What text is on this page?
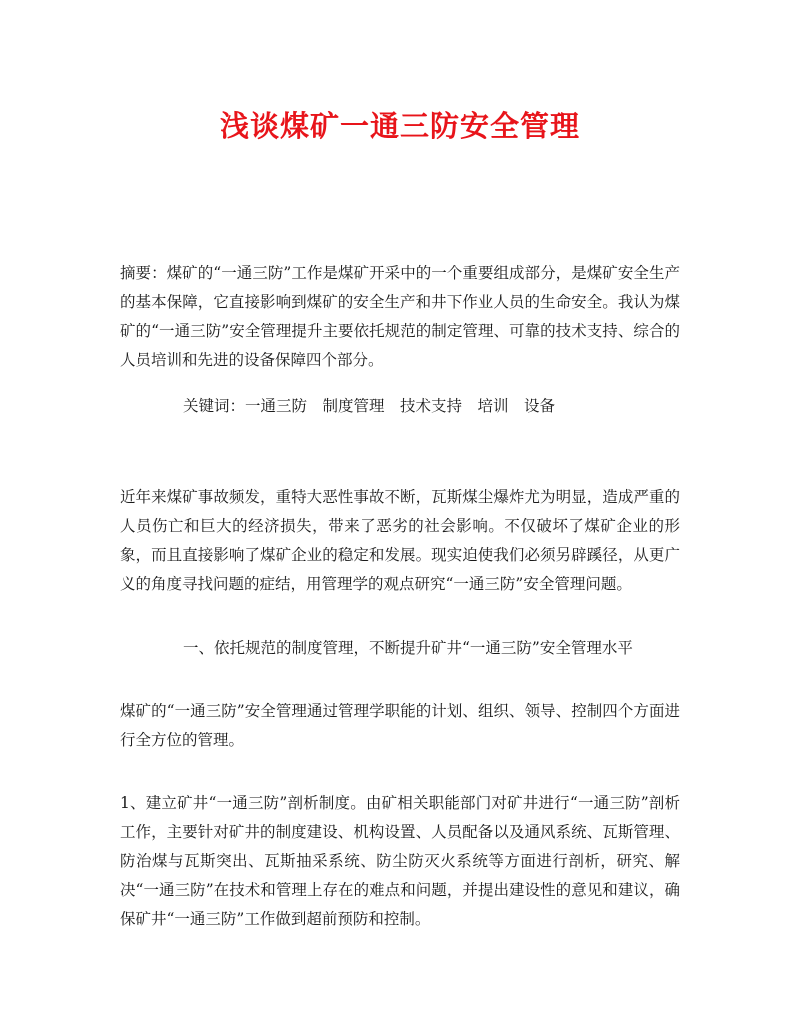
浅谈煤矿一通三防安全管理
摘要：煤矿的“一通三防”工作是煤矿开采中的一个重要组成部分，是煤矿安全生产的基本保障，它直接影响到煤矿的安全生产和井下作业人员的生命安全。我认为煤矿的“一通三防”安全管理提升主要依托规范的制定管理、可靠的技术支持、综合的人员培训和先进的设备保障四个部分。
关键词：一通三防　制度管理　技术支持　培训　设备
近年来煤矿事故频发，重特大恶性事故不断，瓦斯煤尘爆炸尤为明显，造成严重的人员伤亡和巨大的经济损失，带来了恶劣的社会影响。不仅破坏了煤矿企业的形象，而且直接影响了煤矿企业的稳定和发展。现实迫使我们必须另辟蹊径，从更广义的角度寻找问题的症结，用管理学的观点研究“一通三防”安全管理问题。
一、依托规范的制度管理，不断提升矿井“一通三防”安全管理水平
煤矿的“一通三防”安全管理通过管理学职能的计划、组织、领导、控制四个方面进行全方位的管理。
1、建立矿井“一通三防”剖析制度。由矿相关职能部门对矿井进行“一通三防”剖析工作，主要针对矿井的制度建设、机构设置、人员配备以及通风系统、瓦斯管理、防治煤与瓦斯突出、瓦斯抽采系统、防尘防灭火系统等方面进行剖析，研究、解决“一通三防”在技术和管理上存在的难点和问题，并提出建设性的意见和建议，确保矿井“一通三防”工作做到超前预防和控制。
